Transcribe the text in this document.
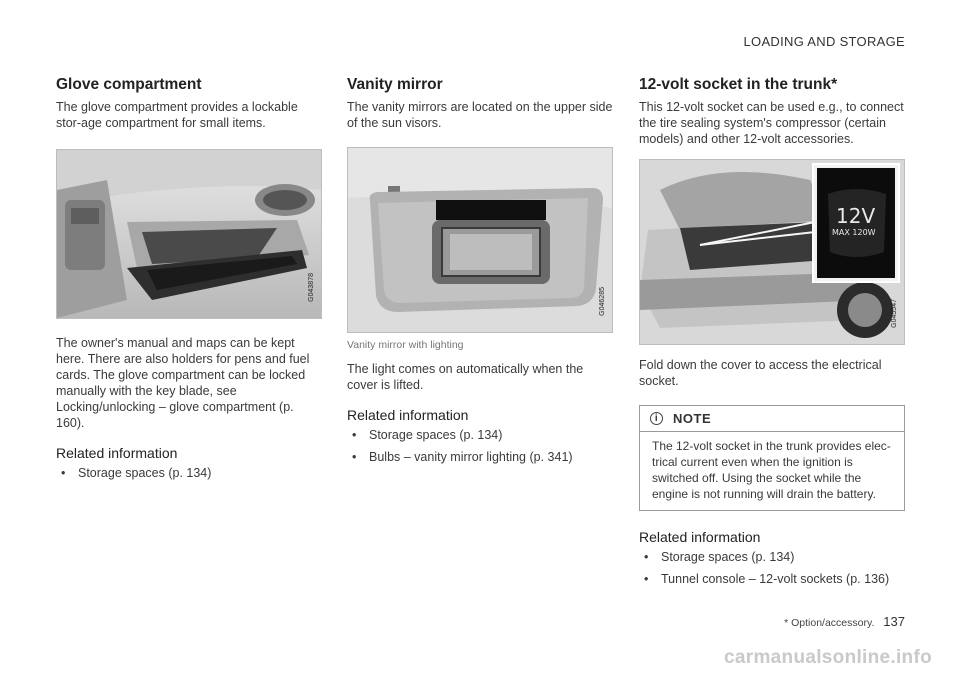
LOADING AND STORAGE
Glove compartment

The glove compartment provides a lockable stor-age compartment for small items.

G043878

The owner's manual and maps can be kept here. There are also holders for pens and fuel cards. The glove compartment can be locked manually with the key blade, see Locking/unlocking – glove compartment (p. 160).

Related information
• Storage spaces (p. 134)
Vanity mirror

The vanity mirrors are located on the upper side of the sun visors.

G046285
Vanity mirror with lighting

The light comes on automatically when the cover is lifted.

Related information
• Storage spaces (p. 134)
• Bulbs – vanity mirror lighting (p. 341)
12-volt socket in the trunk*

This 12-volt socket can be used e.g., to connect the tire sealing system's compressor (certain models) and other 12-volt accessories.

12V
MAX 120W
G045547

Fold down the cover to access the electrical socket.

i	NOTE
The 12-volt socket in the trunk provides elec-trical current even when the ignition is switched off. Using the socket while the engine is not running will drain the battery.
Related information
• Storage spaces (p. 134)
• Tunnel console – 12-volt sockets (p. 136)
* Option/accessory. 137
carmanualsonline.info
